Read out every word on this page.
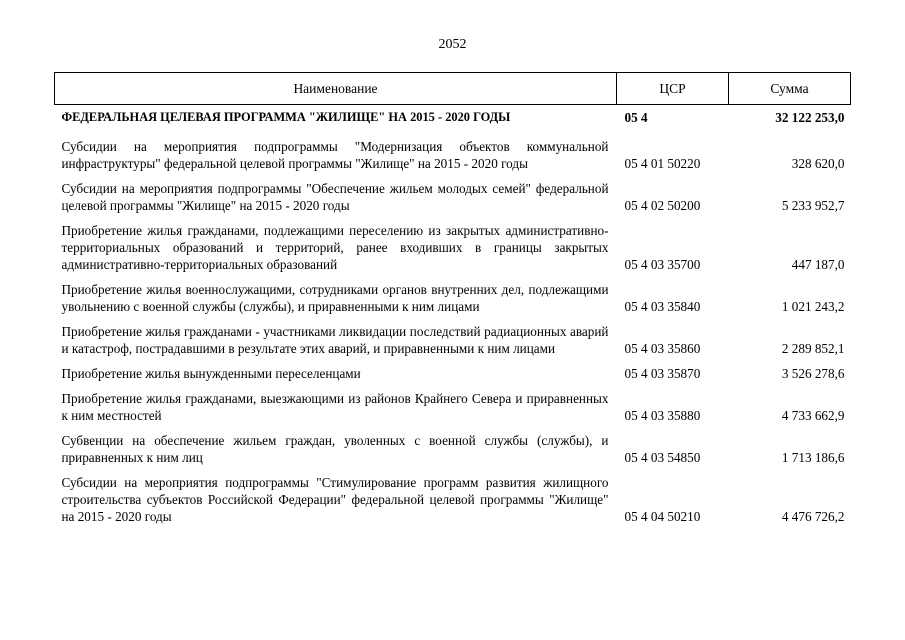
2052
Наименование	ЦСР	Сумма
ФЕДЕРАЛЬНАЯ ЦЕЛЕВАЯ ПРОГРАММА "ЖИЛИЩЕ" НА 2015 - 2020 ГОДЫ	05 4	32 122 253,0
Субсидии на мероприятия подпрограммы "Модернизация объектов коммунальной инфраструктуры" федеральной целевой программы "Жилище" на 2015 - 2020 годы	05 4 01 50220	328 620,0
Субсидии на мероприятия подпрограммы "Обеспечение жильем молодых семей" федеральной целевой программы "Жилище" на 2015 - 2020 годы	05 4 02 50200	5 233 952,7
Приобретение жилья гражданами, подлежащими переселению из закрытых административно-территориальных образований и территорий, ранее входивших в границы закрытых административно-территориальных образований	05 4 03 35700	447 187,0
Приобретение жилья военнослужащими, сотрудниками органов внутренних дел, подлежащими увольнению с военной службы (службы), и приравненными к ним лицами	05 4 03 35840	1 021 243,2
Приобретение жилья гражданами - участниками ликвидации последствий радиационных аварий и катастроф, пострадавшими в результате этих аварий, и приравненными к ним лицами	05 4 03 35860	2 289 852,1
Приобретение жилья вынужденными переселенцами	05 4 03 35870	3 526 278,6
Приобретение жилья гражданами, выезжающими из районов Крайнего Севера и приравненных к ним местностей	05 4 03 35880	4 733 662,9
Субвенции на обеспечение жильем граждан, уволенных с военной службы (службы), и приравненных к ним лиц	05 4 03 54850	1 713 186,6
Субсидии на мероприятия подпрограммы "Стимулирование программ развития жилищного строительства субъектов Российской Федерации" федеральной целевой программы "Жилище" на 2015 - 2020 годы	05 4 04 50210	4 476 726,2
